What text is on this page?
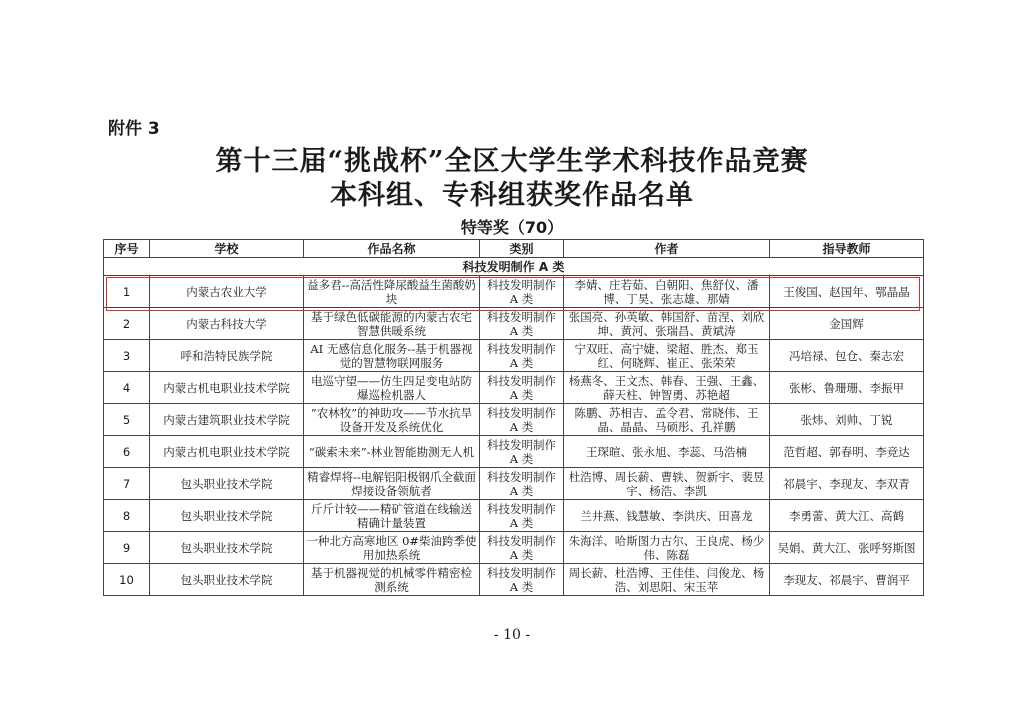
附件 3
第十三届“挑战杯”全区大学生学术科技作品竞赛
本科组、专科组获奖作品名单
特等奖（70）
序号	学校	作品名称	类别	作者	指导教师
科技发明制作 A 类					
1	内蒙古农业大学	益多君--高活性降尿酸益生菌酸奶块	科技发明制作 A 类	李婧、庄若茹、白朝阳、焦舒仪、潘博、丁昊、张志雄、那婧	王俊国、赵国年、鄂晶晶
2	内蒙古科技大学	基于绿色低碳能源的内蒙古农宅智慧供暖系统	科技发明制作 A 类	张国亮、孙英敏、韩国舒、苗涅、刘欣坤、黄河、张瑞昌、黄斌涛	金国辉
3	呼和浩特民族学院	AI 无感信息化服务--基于机器视觉的智慧物联网服务	科技发明制作 A 类	宁双旺、高宁婕、梁超、胜杰、郑玉红、何晓辉、崔正、张荣荣	冯培禄、包仓、秦志宏
4	内蒙古机电职业技术学院	电巡守望——仿生四足变电站防爆巡检机器人	科技发明制作 A 类	杨燕冬、王文杰、韩春、王强、王鑫、薛天柱、钟智勇、苏艳超	张彬、鲁珊珊、李振甲
5	内蒙古建筑职业技术学院	”农林牧”的神助攻——节水抗旱设备开发及系统优化	科技发明制作 A 类	陈鹏、苏相吉、孟令君、常晓伟、王晶、晶晶、马硕彤、孔祥鹏	张炜、刘帅、丁锐
6	内蒙古机电职业技术学院	“碳索未来”-林业智能勘测无人机	科技发明制作 A 类	王琛暄、张永旭、李蕊、马浩楠	范哲超、郭春明、李竞达
7	包头职业技术学院	精睿焊将--电解铝阳极钢爪全截面焊接设备领航者	科技发明制作 A 类	杜浩博、周长薪、曹轶、贺新宇、裴昱宇、杨浩、李凯	祁晨宇、李现友、李双青
8	包头职业技术学院	斤斤计较——精矿管道在线输送精确计量装置	科技发明制作 A 类	兰井燕、钱慧敏、李洪庆、田喜龙	李勇蕾、黄大江、高鹤
9	包头职业技术学院	一种北方高寒地区 0#柴油跨季使用加热系统	科技发明制作 A 类	朱海洋、哈斯图力古尔、王良虎、杨少伟、陈磊	吴娟、黄大江、张呼努斯图
10	包头职业技术学院	基于机器视觉的机械零件精密检测系统	科技发明制作 A 类	周长薪、杜浩博、王佳佳、闫俊龙、杨浩、刘思阳、宋玉苹	李现友、祁晨宇、曹润平
- 10 -
